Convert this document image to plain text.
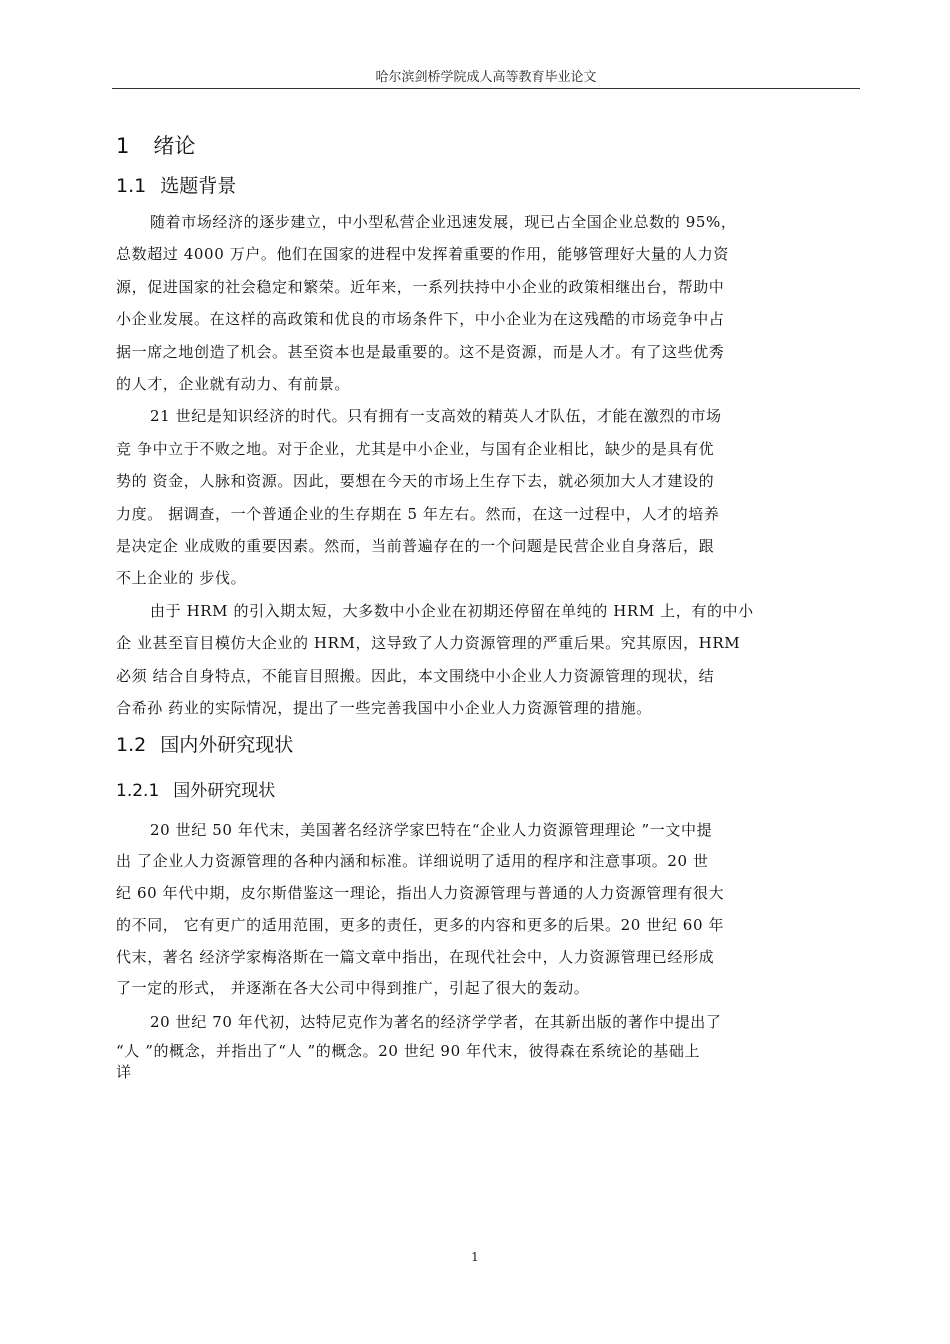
哈尔滨剑桥学院成人高等教育毕业论文
1 绪论
1.1 选题背景

随着市场经济的逐步建立，中小型私营企业迅速发展，现已占全国企业总数的 95%，
总数超过 4000 万户。他们在国家的进程中发挥着重要的作用，能够管理好大量的人力资
源，促进国家的社会稳定和繁荣。近年来，一系列扶持中小企业的政策相继出台，帮助中
小企业发展。在这样的高政策和优良的市场条件下，中小企业为在这残酷的市场竞争中占
据一席之地创造了机会。甚至资本也是最重要的。这不是资源，而是人才。有了这些优秀
的人才，企业就有动力、有前景。

21 世纪是知识经济的时代。只有拥有一支高效的精英人才队伍，才能在激烈的市场
竞 争中立于不败之地。对于企业，尤其是中小企业，与国有企业相比，缺少的是具有优
势的 资金，人脉和资源。因此，要想在今天的市场上生存下去，就必须加大人才建设的
力度。 据调查，一个普通企业的生存期在 5 年左右。然而，在这一过程中，人才的培养
是决定企 业成败的重要因素。然而，当前普遍存在的一个问题是民营企业自身落后，跟
不上企业的 步伐。

由于 HRM 的引入期太短，大多数中小企业在初期还停留在单纯的 HRM 上，有的中小
企 业甚至盲目模仿大企业的 HRM，这导致了人力资源管理的严重后果。究其原因，HRM
必须 结合自身特点，不能盲目照搬。因此，本文围绕中小企业人力资源管理的现状，结
合希孙 药业的实际情况，提出了一些完善我国中小企业人力资源管理的措施。

1.2 国内外研究现状
1.2.1 国外研究现状

20 世纪 50 年代末，美国著名经济学家巴特在“企业人力资源管理理论 ”一文中提
出 了企业人力资源管理的各种内涵和标准。详细说明了适用的程序和注意事项。20 世
纪 60 年代中期，皮尔斯借鉴这一理论，指出人力资源管理与普通的人力资源管理有很大
的不同， 它有更广的适用范围，更多的责任，更多的内容和更多的后果。20 世纪 60 年
代末，著名 经济学家梅洛斯在一篇文章中指出，在现代社会中，人力资源管理已经形成
了一定的形式， 并逐渐在各大公司中得到推广，引起了很大的轰动。

20 世纪 70 年代初，达特尼克作为著名的经济学学者，在其新出版的著作中提出了
“人 ”的概念，并指出了“人 ”的概念。20 世纪 90 年代末，彼得森在系统论的基础上
详

1
